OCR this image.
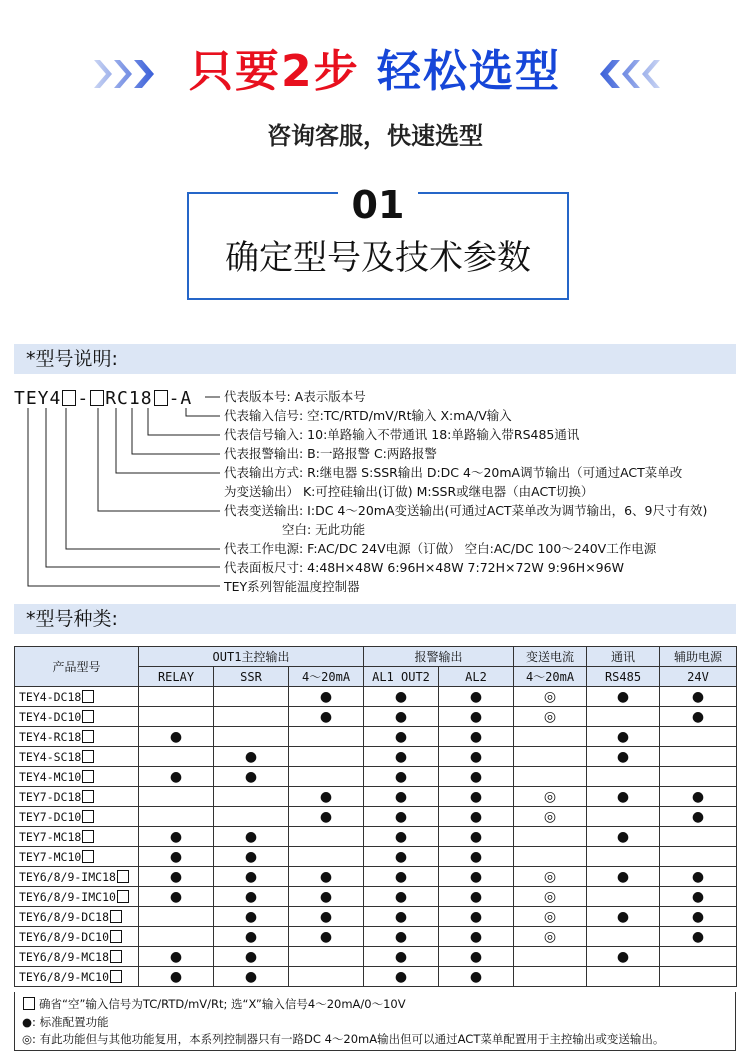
只要2步 轻松选型
咨询客服，快速选型
01
确定型号及技术参数
*型号说明:
TEY4 - RC18 -A	代表版本号: A表示版本号
代表输入信号: 空:TC/RTD/mV/Rt输入 X:mA/V输入
代表信号输入: 10:单路输入不带通讯 18:单路输入带RS485通讯
代表报警输出: B:一路报警 C:两路报警
代表输出方式: R:继电器 S:SSR输出 D:DC 4～20mA调节输出（可通过ACT菜单改
为变送输出） K:可控硅输出(订做) M:SSR或继电器（由ACT切换）
代表变送输出: I:DC 4～20mA变送输出(可通过ACT菜单改为调节输出，6、9尺寸有效)
空白: 无此功能
代表工作电源: F:AC/DC 24V电源（订做） 空白:AC/DC 100～240V工作电源
代表面板尺寸: 4:48H×48W 6:96H×48W 7:72H×72W 9:96H×96W
TEY系列智能温度控制器
*型号种类:
产品型号	OUT1主控输出			报警输出		变送电流	通讯	辅助电源
	RELAY	SSR	4～20mA	AL1 OUT2	AL2	4～20mA	RS485	24V
TEY4-DC18			●	●	●	◎	●	●
TEY4-DC10			●	●	●	◎		●
TEY4-RC18	●			●	●		●	
TEY4-SC18		●		●	●		●	
TEY4-MC10	●	●		●	●			
TEY7-DC18			●	●	●	◎	●	●
TEY7-DC10			●	●	●	◎		●
TEY7-MC18	●	●		●	●		●	
TEY7-MC10	●	●		●	●			
TEY6/8/9-IMC18	●	●	●	●	●	◎	●	●
TEY6/8/9-IMC10	●	●	●	●	●	◎		●
TEY6/8/9-DC18		●	●	●	●	◎	●	●
TEY6/8/9-DC10		●	●	●	●	◎		●
TEY6/8/9-MC18	●	●		●	●		●	
TEY6/8/9-MC10	●	●		●	●			
确省“空”输入信号为TC/RTD/mV/Rt; 选“X”输入信号4～20mA/0～10V
●: 标准配置功能
◎: 有此功能但与其他功能复用，本系列控制器只有一路DC 4～20mA输出但可以通过ACT菜单配置用于主控输出或变送输出。
